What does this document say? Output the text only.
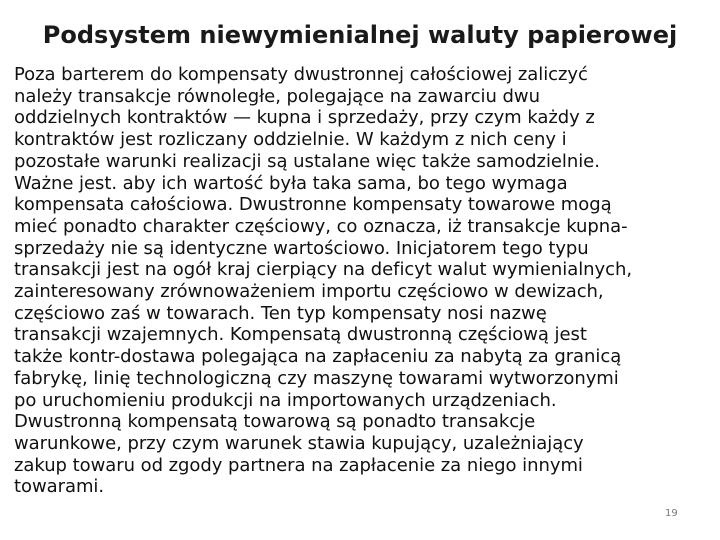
Podsystem niewymienialnej waluty papierowej
Poza barterem do kompensaty dwustronnej całościowej zaliczyć
należy transakcje równoległe, polegające na zawarciu dwu
oddzielnych kontraktów — kupna i sprzedaży, przy czym każdy z
kontraktów jest rozliczany oddzielnie. W każdym z nich ceny i
pozostałe warunki realizacji są ustalane więc także samodzielnie.
Ważne jest. aby ich wartość była taka sama, bo tego wymaga
kompensata całościowa. Dwustronne kompensaty towarowe mogą
mieć ponadto charakter częściowy, co oznacza, iż transakcje kupna-
sprzedaży nie są identyczne wartościowo. Inicjatorem tego typu
transakcji jest na ogół kraj cierpiący na deficyt walut wymienialnych,
zainteresowany zrównoważeniem importu częściowo w dewizach,
częściowo zaś w towarach. Ten typ kompensaty nosi nazwę
transakcji wzajemnych. Kompensatą dwustronną częściową jest
także kontr-dostawa polegająca na zapłaceniu za nabytą za granicą
fabrykę, linię technologiczną czy maszynę towarami wytworzonymi
po uruchomieniu produkcji na importowanych urządzeniach.
Dwustronną kompensatą towarową są ponadto transakcje
warunkowe, przy czym warunek stawia kupujący, uzależniający
zakup towaru od zgody partnera na zapłacenie za niego innymi
towarami.
19
